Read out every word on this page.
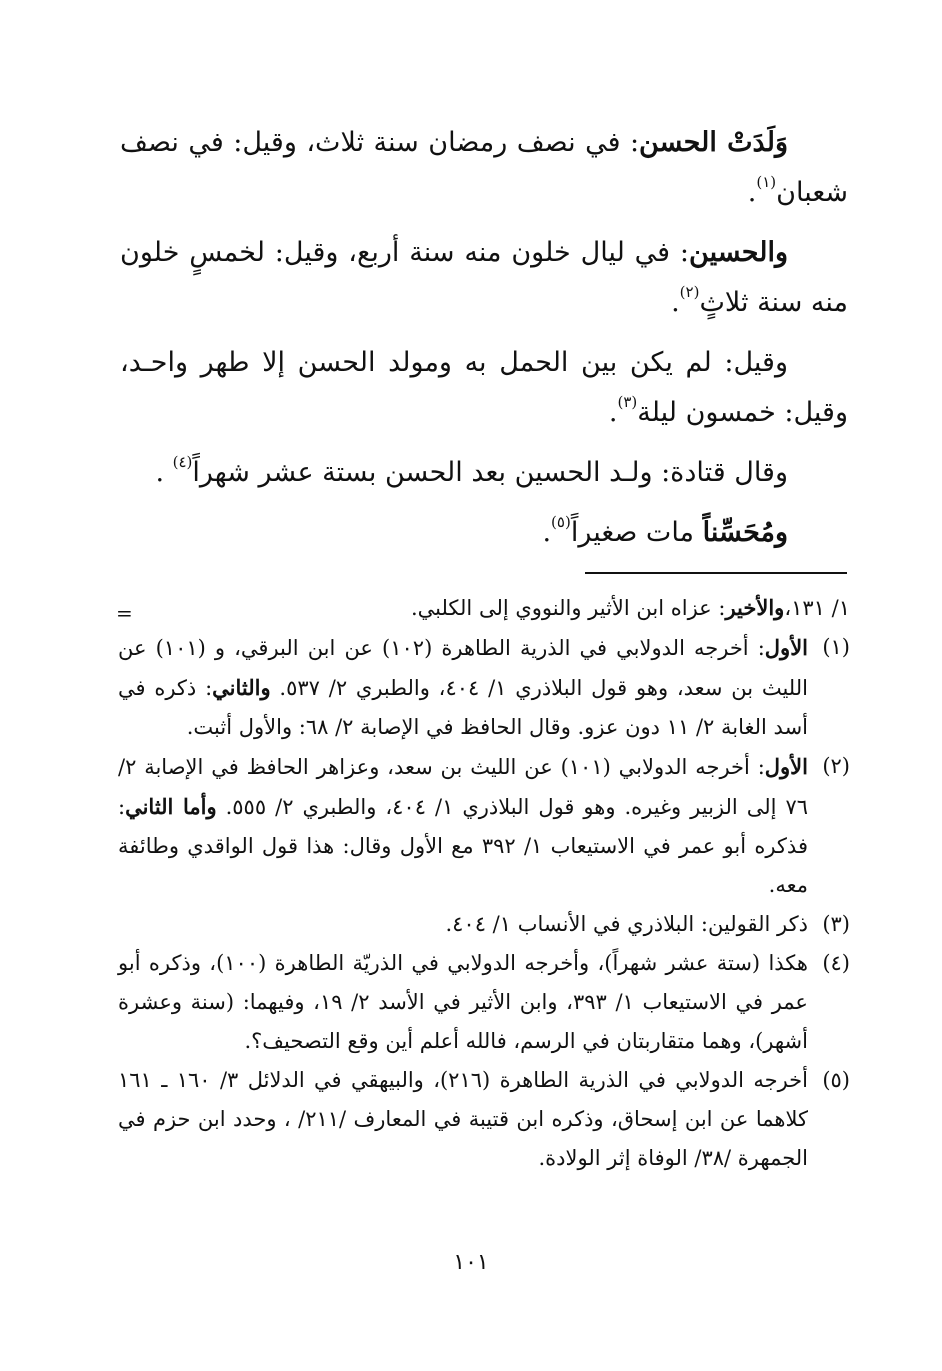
وَلَدَتْ الحسن: في نصف رمضان سنة ثلاث، وقيل: في نصف شعبان$^{(١)}$.

والحسين: في ليال خلون منه سنة أربع، وقيل: لخمسٍ خلون منه سنة ثلاثٍ$^{(٢)}$.

وقيل: لم يكن بين الحمل به ومولد الحسن إلا طهر واحـد، وقيل: خمسون ليلة$^{(٣)}$.

وقال قتادة: ولـد الحسين بعد الحسن بستة عشر شهراً$^{(٤)}$ .

ومُحَسِّناً مات صغيراً$^{(٥)}$.

=	١/ ١٣١،والأخير: عزاه ابن الأثير والنووي إلى الكلبي.

(١)
الأول: أخرجه الدولابي في الذرية الطاهرة (١٠٢) عن ابن البرقي، و (١٠١) عن الليث بن سعد، وهو قول البلاذري ١/ ٤٠٤، والطبري ٢/ ٥٣٧. والثاني: ذكره في أسد الغابة ٢/ ١١ دون عزو. وقال الحافظ في الإصابة ٢/ ٦٨: والأول أثبت.

(٢)
الأول: أخرجه الدولابي (١٠١) عن الليث بن سعد، وعزاهر الحافظ في الإصابة ٢/ ٧٦ إلى الزبير وغيره. وهو قول البلاذري ١/ ٤٠٤، والطبري ٢/ ٥٥٥. وأما الثاني: فذكره أبو عمر في الاستيعاب ١/ ٣٩٢ مع الأول وقال: هذا قول الواقدي وطائفة معه.

(٣)
ذكر القولين: البلاذري في الأنساب ١/ ٤٠٤.

(٤)
هكذا (ستة عشر شهراً)، وأخرجه الدولابي في الذريّة الطاهرة (١٠٠)، وذكره أبو عمر في الاستيعاب ١/ ٣٩٣، وابن الأثير في الأسد ٢/ ١٩، وفيهما: (سنة وعشرة أشهر)، وهما متقاربتان في الرسم، فالله أعلم أين وقع التصحيف؟.

(٥)
أخرجه الدولابي في الذرية الطاهرة (٢١٦)، والبيهقي في الدلائل ٣/ ١٦٠ ـ ١٦١ كلاهما عن ابن إسحاق، وذكره ابن قتيبة في المعارف /٢١١/ ، وحدد ابن حزم في الجمهرة /٣٨/ الوفاة إثر الولادة.

١٠١
